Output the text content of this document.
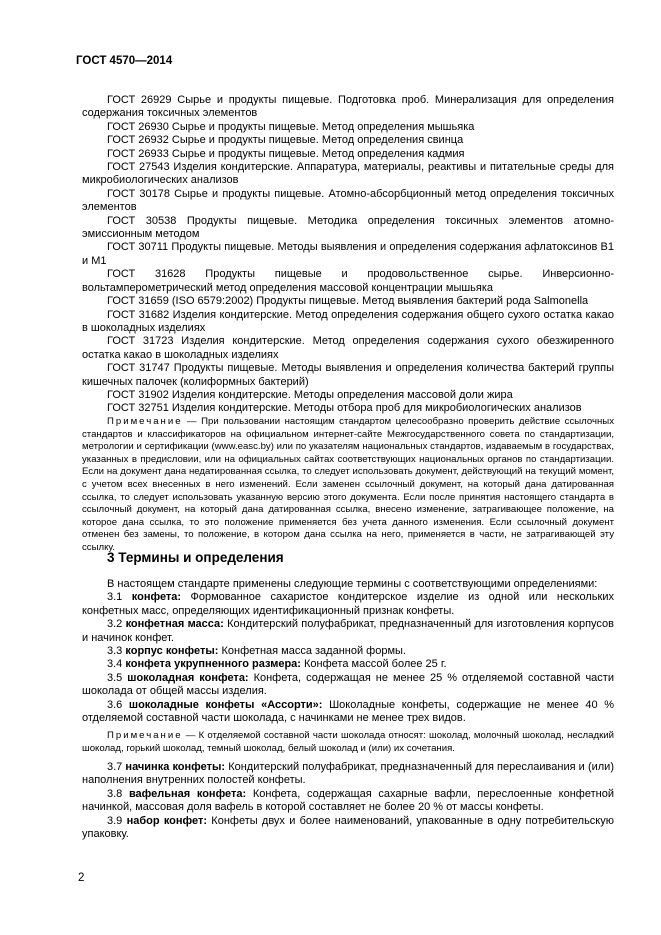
ГОСТ 4570—2014

ГОСТ 26929 Сырье и продукты пищевые. Подготовка проб. Минерализация для определения содержания токсичных элементов

ГОСТ 26930 Сырье и продукты пищевые. Метод определения мышьяка

ГОСТ 26932 Сырье и продукты пищевые. Метод определения свинца

ГОСТ 26933 Сырье и продукты пищевые. Метод определения кадмия

ГОСТ 27543 Изделия кондитерские. Аппаратура, материалы, реактивы и питательные среды для микробиологических анализов

ГОСТ 30178 Сырье и продукты пищевые. Атомно-абсорбционный метод определения токсичных элементов

ГОСТ 30538 Продукты пищевые. Методика определения токсичных элементов атомно-эмиссионным методом

ГОСТ 30711 Продукты пищевые. Методы выявления и определения содержания афлатоксинов B1 и M1

ГОСТ 31628 Продукты пищевые и продовольственное сырье. Инверсионно-вольтамперометрический метод определения массовой концентрации мышьяка

ГОСТ 31659 (ISO 6579:2002) Продукты пищевые. Метод выявления бактерий рода Salmonella

ГОСТ 31682 Изделия кондитерские. Метод определения содержания общего сухого остатка какао в шоколадных изделиях

ГОСТ 31723 Изделия кондитерские. Метод определения содержания сухого обезжиренного остатка какао в шоколадных изделиях

ГОСТ 31747 Продукты пищевые. Методы выявления и определения количества бактерий группы кишечных палочек (колиформных бактерий)

ГОСТ 31902 Изделия кондитерские. Методы определения массовой доли жира

ГОСТ 32751 Изделия кондитерские. Методы отбора проб для микробиологических анализов

Примечание — При пользовании настоящим стандартом целесообразно проверить действие ссылочных стандартов и классификаторов на официальном интернет-сайте Межгосударственного совета по стандартизации, метрологии и сертификации (www.easc.by) или по указателям национальных стандартов, издаваемым в государствах, указанных в предисловии, или на официальных сайтах соответствующих национальных органов по стандартизации. Если на документ дана недатированная ссылка, то следует использовать документ, действующий на текущий момент, с учетом всех внесенных в него изменений. Если заменен ссылочный документ, на который дана датированная ссылка, то следует использовать указанную версию этого документа. Если после принятия настоящего стандарта в ссылочный документ, на который дана датированная ссылка, внесено изменение, затрагивающее положение, на которое дана ссылка, то это положение применяется без учета данного изменения. Если ссылочный документ отменен без замены, то положение, в котором дана ссылка на него, применяется в части, не затрагивающей эту ссылку.

3 Термины и определения

В настоящем стандарте применены следующие термины с соответствующими определениями:

3.1 конфета: Формованное сахаристое кондитерское изделие из одной или нескольких конфетных масс, определяющих идентификационный признак конфеты.

3.2 конфетная масса: Кондитерский полуфабрикат, предназначенный для изготовления корпусов и начинок конфет.

3.3 корпус конфеты: Конфетная масса заданной формы.

3.4 конфета укрупненного размера: Конфета массой более 25 г.

3.5 шоколадная конфета: Конфета, содержащая не менее 25 % отделяемой составной части шоколада от общей массы изделия.

3.6 шоколадные конфеты «Ассорти»: Шоколадные конфеты, содержащие не менее 40 % отделяемой составной части шоколада, с начинками не менее трех видов.

Примечание — К отделяемой составной части шоколада относят: шоколад, молочный шоколад, несладкий шоколад, горький шоколад, темный шоколад, белый шоколад и (или) их сочетания.

3.7 начинка конфеты: Кондитерский полуфабрикат, предназначенный для переслаивания и (или) наполнения внутренних полостей конфеты.

3.8 вафельная конфета: Конфета, содержащая сахарные вафли, переслоенные конфетной начинкой, массовая доля вафель в которой составляет не более 20 % от массы конфеты.

3.9 набор конфет: Конфеты двух и более наименований, упакованные в одну потребительскую упаковку.

2
